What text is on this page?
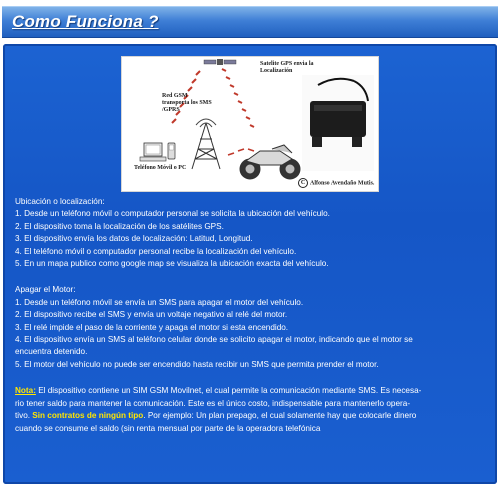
Como Funciona ?
Satelite GPS envia la Localización
Red GSM transporta los SMS /GPRS
Teléfono Móvil o PC
C Alfonso Avendaño Mutis.

Ubicación o localización:

1. Desde un teléfono móvil o computador personal se solicita la ubicación del vehículo.

2. El dispositivo toma la localización de los satélites GPS.

3. El dispositivo envía los datos de localización: Latitud, Longitud.

4. El teléfono móvil o computador personal recibe la localización del vehículo.

5. En un mapa publico como google map se visualiza la ubicación exacta del vehículo.

Apagar el Motor:

1. Desde un teléfono móvil se envía un SMS para apagar el motor del vehículo.

2. El dispositivo recibe el SMS y envía un voltaje negativo al relé del motor.

3. El relé impide el paso de la corriente y apaga el motor si esta encendido.

4. El dispositivo envía un SMS al teléfono celular donde se solicito apagar el motor, indicando que el motor se

encuentra detenido.

5. El motor del vehículo no puede ser encendido hasta recibir un SMS que permita prender el motor.

Nota: El dispositivo contiene un SIM GSM Movilnet, el cual permite la comunicación mediante SMS. Es necesa-

rio tener saldo para mantener la comunicación. Este es el único costo, indispensable para mantenerlo opera-

tivo. Sin contratos de ningún tipo. Por ejemplo: Un plan prepago, el cual solamente hay que colocarle dinero

cuando se consume el saldo (sin renta mensual por parte de la operadora telefónica
